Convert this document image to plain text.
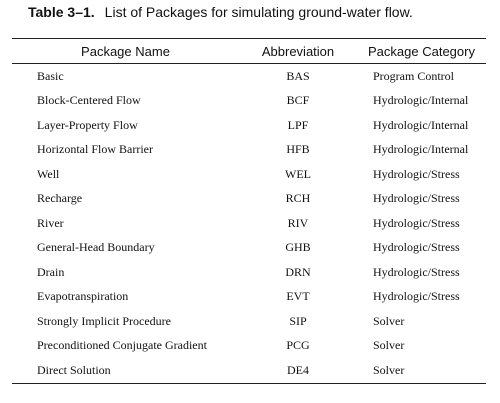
Table 3–1. List of Packages for simulating ground-water flow.
Package Name	Abbreviation	Package Category
Basic	BAS	Program Control
Block-Centered Flow	BCF	Hydrologic/Internal
Layer-Property Flow	LPF	Hydrologic/Internal
Horizontal Flow Barrier	HFB	Hydrologic/Internal
Well	WEL	Hydrologic/Stress
Recharge	RCH	Hydrologic/Stress
River	RIV	Hydrologic/Stress
General-Head Boundary	GHB	Hydrologic/Stress
Drain	DRN	Hydrologic/Stress
Evapotranspiration	EVT	Hydrologic/Stress
Strongly Implicit Procedure	SIP	Solver
Preconditioned Conjugate Gradient	PCG	Solver
Direct Solution	DE4	Solver
